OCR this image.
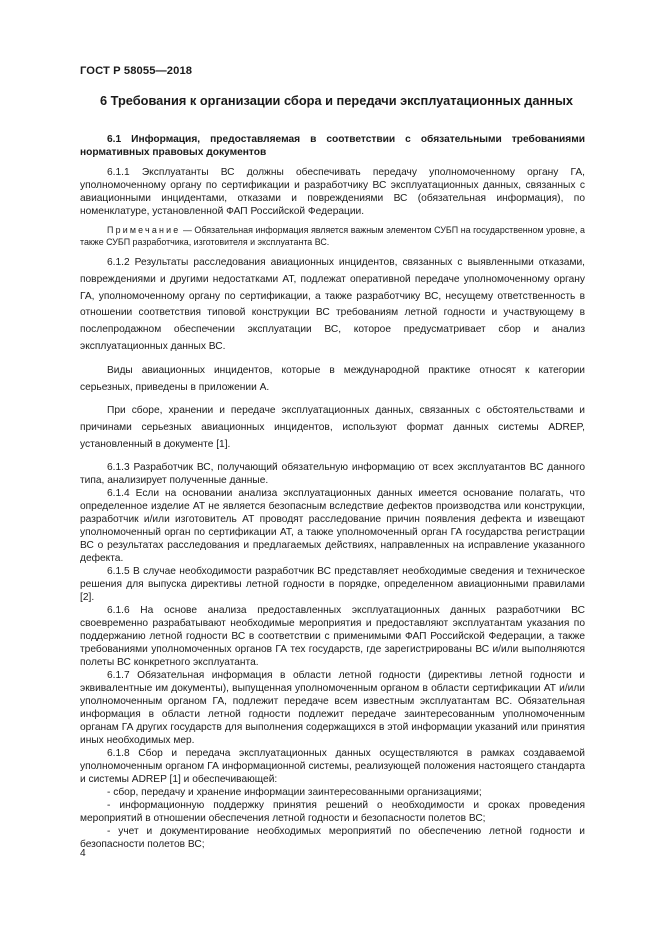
ГОСТ Р 58055—2018
6 Требования к организации сбора и передачи эксплуатационных данных
6.1 Информация, предоставляемая в соответствии с обязательными требованиями нормативных правовых документов

6.1.1 Эксплуатанты ВС должны обеспечивать передачу уполномоченному органу ГА, уполномоченному органу по сертификации и разработчику ВС эксплуатационных данных, связанных с авиационными инцидентами, отказами и повреждениями ВС (обязательная информация), по номенклатуре, установленной ФАП Российской Федерации.

Примечание — Обязательная информация является важным элементом СУБП на государственном уровне, а также СУБП разработчика, изготовителя и эксплуатанта ВС.

6.1.2 Результаты расследования авиационных инцидентов, связанных с выявленными отказами, повреждениями и другими недостатками АТ, подлежат оперативной передаче уполномоченному органу ГА, уполномоченному органу по сертификации, а также разработчику ВС, несущему ответственность в отношении соответствия типовой конструкции ВС требованиям летной годности и участвующему в послепродажном обеспечении эксплуатации ВС, которое предусматривает сбор и анализ эксплуатационных данных ВС.

Виды авиационных инцидентов, которые в международной практике относят к категории серьезных, приведены в приложении А.

При сборе, хранении и передаче эксплуатационных данных, связанных с обстоятельствами и причинами серьезных авиационных инцидентов, используют формат данных системы ADREP, установленный в документе [1].

6.1.3 Разработчик ВС, получающий обязательную информацию от всех эксплуатантов ВС данного типа, анализирует полученные данные.

6.1.4 Если на основании анализа эксплуатационных данных имеется основание полагать, что определенное изделие АТ не является безопасным вследствие дефектов производства или конструкции, разработчик и/или изготовитель АТ проводят расследование причин появления дефекта и извещают уполномоченный орган по сертификации АТ, а также уполномоченный орган ГА государства регистрации ВС о результатах расследования и предлагаемых действиях, направленных на исправление указанного дефекта.

6.1.5 В случае необходимости разработчик ВС представляет необходимые сведения и техническое решения для выпуска директивы летной годности в порядке, определенном авиационными правилами [2].

6.1.6 На основе анализа предоставленных эксплуатационных данных разработчики ВС своевременно разрабатывают необходимые мероприятия и предоставляют эксплуатантам указания по поддержанию летной годности ВС в соответствии с применимыми ФАП Российской Федерации, а также требованиями уполномоченных органов ГА тех государств, где зарегистрированы ВС и/или выполняются полеты ВС конкретного эксплуатанта.

6.1.7 Обязательная информация в области летной годности (директивы летной годности и эквивалентные им документы), выпущенная уполномоченным органом в области сертификации АТ и/или уполномоченным органом ГА, подлежит передаче всем известным эксплуатантам ВС. Обязательная информация в области летной годности подлежит передаче заинтересованным уполномоченным органам ГА других государств для выполнения содержащихся в этой информации указаний или принятия иных необходимых мер.

6.1.8 Сбор и передача эксплуатационных данных осуществляются в рамках создаваемой уполномоченным органом ГА информационной системы, реализующей положения настоящего стандарта и системы ADREP [1] и обеспечивающей:

- сбор, передачу и хранение информации заинтересованными организациями;

- информационную поддержку принятия решений о необходимости и сроках проведения мероприятий в отношении обеспечения летной годности и безопасности полетов ВС;

- учет и документирование необходимых мероприятий по обеспечению летной годности и безопасности полетов ВС;

4
